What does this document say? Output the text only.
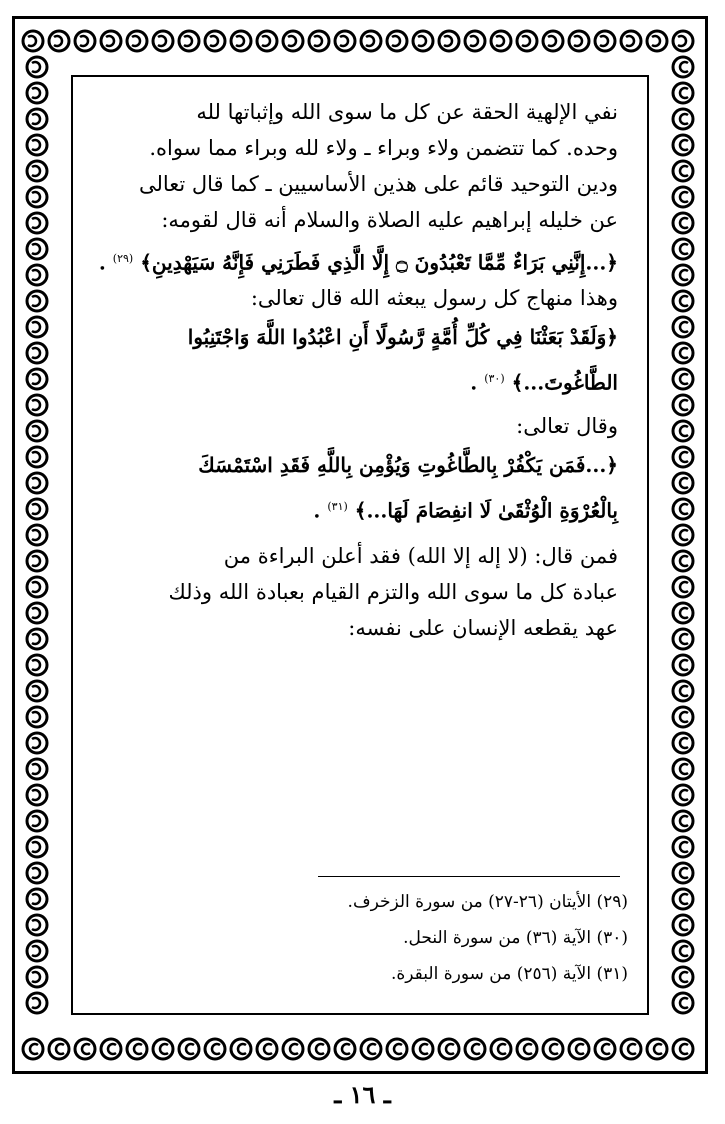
نفي الإلهية الحقة عن كل ما سوى الله وإثباتها لله

وحده. كما تتضمن ولاء وبراء ـ ولاء لله وبراء مما سواه.

ودين التوحيد قائم على هذين الأساسيين ـ كما قال تعالى

عن خليله إبراهيم عليه الصلاة والسلام أنه قال لقومه:

﴿...إِنَّنِي بَرَاءٌ مِّمَّا تَعْبُدُونَ ۝ إِلَّا الَّذِي فَطَرَنِي فَإِنَّهُ سَيَهْدِينِ﴾ $^{(٢٩)}$ .

وهذا منهاج كل رسول يبعثه الله قال تعالى:

﴿وَلَقَدْ بَعَثْنَا فِي كُلِّ أُمَّةٍ رَّسُولًا أَنِ اعْبُدُوا اللَّهَ وَاجْتَنِبُوا
الطَّاغُوتَ...﴾ $^{(٣٠)}$ .

وقال تعالى:

﴿...فَمَن يَكْفُرْ بِالطَّاغُوتِ وَيُؤْمِن بِاللَّهِ فَقَدِ اسْتَمْسَكَ
بِالْعُرْوَةِ الْوُثْقَىٰ لَا انفِصَامَ لَهَا...﴾ $^{(٣١)}$ .

فمن قال: (لا إله إلا الله) فقد أعلن البراءة من

عبادة كل ما سوى الله والتزم القيام بعبادة الله وذلك

عهد يقطعه الإنسان على نفسه:

(٢٩) الأيتان (٢٦-٢٧) من سورة الزخرف.
(٣٠) الآية (٣٦) من سورة النحل.
(٣١) الآية (٢٥٦) من سورة البقرة.
ـ ١٦ ـ
